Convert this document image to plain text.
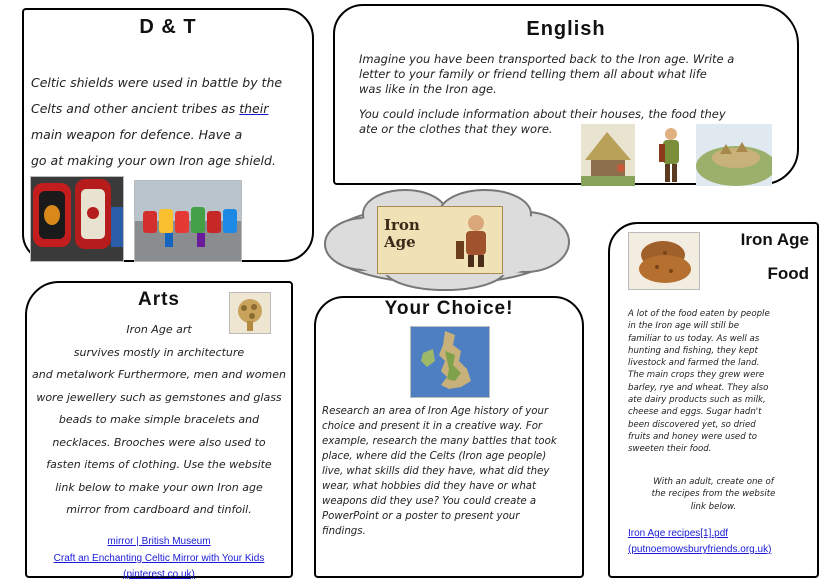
D & T
Celtic shields were used in battle by the
Celts and other ancient tribes as their
main weapon for defence. Have a
go at making your own Iron age shield.
English
Imagine you have been transported back to the Iron age. Write a
letter to your family or friend telling them all about what life
was like in the Iron age.
You could include information about their houses, the food they
ate or the clothes that they wore.
Iron Age
Arts
Iron Age art
survives mostly in architecture
and metalwork Furthermore, men and women
wore jewellery such as gemstones and glass
beads to make simple bracelets and
necklaces. Brooches were also used to
fasten items of clothing. Use the website
link below to make your own Iron age
mirror from cardboard and tinfoil.
mirror | British Museum
Craft an Enchanting Celtic Mirror with Your Kids
(pinterest.co.uk)
Your Choice!
Research an area of Iron Age history of your
choice and present it in a creative way. For
example, research the many battles that took
place, where did the Celts (Iron age people)
live, what skills did they have, what did they
wear, what hobbies did they have or what
weapons did they use? You could create a
PowerPoint or a poster to present your
findings.
Iron Age
Food
A lot of the food eaten by people
in the Iron age will still be
familiar to us today. As well as
hunting and fishing, they kept
livestock and farmed the land.
The main crops they grew were
barley, rye and wheat. They also
ate dairy products such as milk,
cheese and eggs. Sugar hadn't
been discovered yet, so dried
fruits and honey were used to
sweeten their food.
With an adult, create one of
the recipes from the website
link below.
Iron Age recipes[1].pdf
(putnoemowsburyfriends.org.uk)
